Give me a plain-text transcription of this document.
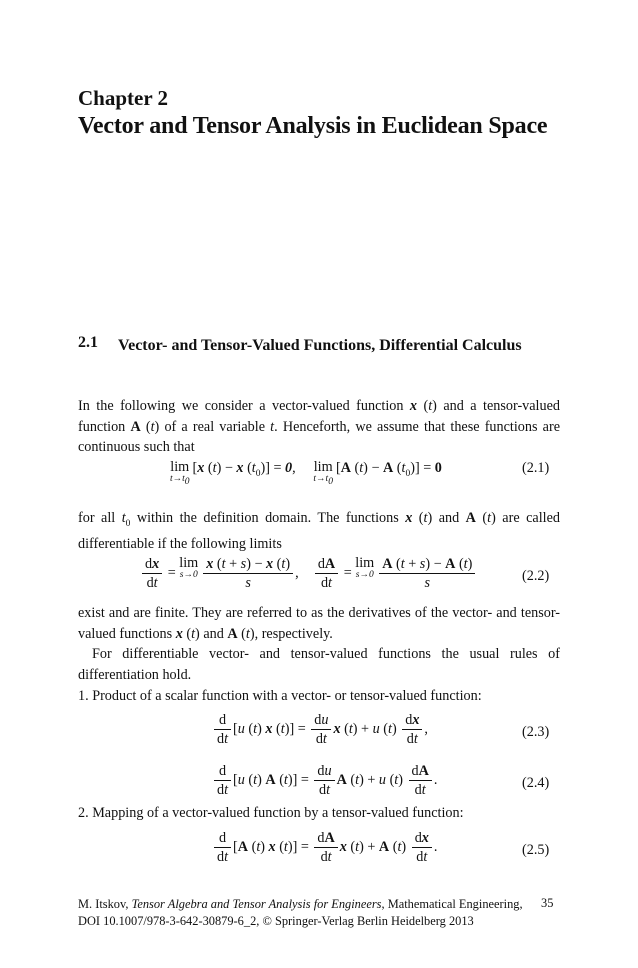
Chapter 2
Vector and Tensor Analysis in Euclidean Space
2.1 Vector- and Tensor-Valued Functions, Differential Calculus
In the following we consider a vector-valued function x (t) and a tensor-valued function A (t) of a real variable t. Henceforth, we assume that these functions are continuous such that
lim
$t\to t_0$
[x (t) − x $(t_0)] = 0$,     lim
$t\to t_0$
[A (t) − A $(t_0)] = 0$	(2.1)
for all $t_0$ within the definition domain. The functions x (t) and A (t) are called differentiable if the following limits
$\frac{dx}{dt} = \lim$
$s\to 0 \frac{x (t + s) - x (t)}{s}$ , $\frac{dA}{dt} = \lim$
$s\to 0 \frac{A (t + s) - A (t)}{s}$	(2.2)
exist and are finite. They are referred to as the derivatives of the vector- and tensor-valued functions x (t) and A (t), respectively.
For differentiable vector- and tensor-valued functions the usual rules of differentiation hold.
1. Product of a scalar function with a vector- or tensor-valued function:
$\frac{d}{dt} [u$ (t) x $(t)] = \frac{du}{dt}$ x (t) + u $(t) \frac{dx}{dt}$ ,	(2.3)
$\frac{d}{dt} [u$ (t) A $(t)] = \frac{du}{dt}$ A (t) + u $(t) \frac{dA}{dt}$ .	(2.4)
2. Mapping of a vector-valued function by a tensor-valued function:
$\frac{d}{dt} [A$ (t) x $(t)] = \frac{dA}{dt}$ x (t) + A $(t) \frac{dx}{dt}$ .	(2.5)
M. Itskov, Tensor Algebra and Tensor Analysis for Engineers, Mathematical Engineering,
DOI 10.1007/978-3-642-30879-6_2, © Springer-Verlag Berlin Heidelberg 2013
35
